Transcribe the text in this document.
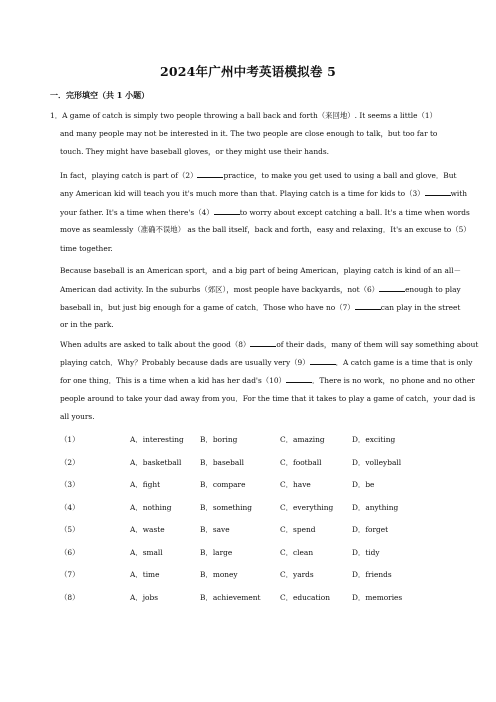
2024年广州中考英语模拟卷 5
一．完形填空（共 1 小题）
1．A game of catch is simply two people throwing a ball back and forth（来回地）. It seems a little（1）
and many people may not be interested in it. The two people are close enough to talk，but too far to
touch. They might have baseball gloves，or they might use their hands.
In fact，playing catch is part of（2）	practice，to make you get used to using a ball and glove．But
any American kid will teach you it's much more than that. Playing catch is a time for kids to（3）	with
your father. It's a time when there's（4）	to worry about except catching a ball. It's a time when words
move as seamlessly（准确不误地） as the ball itself，back and forth，easy and relaxing．It's an excuse to（5）
time together.
Because baseball is an American sport，and a big part of being American，playing catch is kind of an all－
American dad activity. In the suburbs（郊区），most people have backyards，not（6）	enough to play
baseball in，but just big enough for a game of catch．Those who have no（7）	can play in the street
or in the park.
When adults are asked to talk about the good（8）	of their dads，many of them will say something about
playing catch．Why？Probably because dads are usually very（9）	．A catch game is a time that is only
for one thing．This is a time when a kid has her dad's（10）	．There is no work，no phone and no other
people around to take your dad away from you．For the time that it takes to play a game of catch，your dad is
all yours.
（1）	A．interesting B．boring	C．amazing	D．exciting
（2）	A．basketball	B．baseball	C．football	D．volleyball
（3）	A．fight	B．compare	C．have	D．be
（4）	A．nothing	B．something	C．everything	D．anything
（5）	A．waste	B．save	C．spend	D．forget
（6）	A．small	B．large	C．clean	D．tidy
（7）	A．time	B．money	C．yards	D．friends
（8）	A．jobs	B．achievement	C．education	D．memories
